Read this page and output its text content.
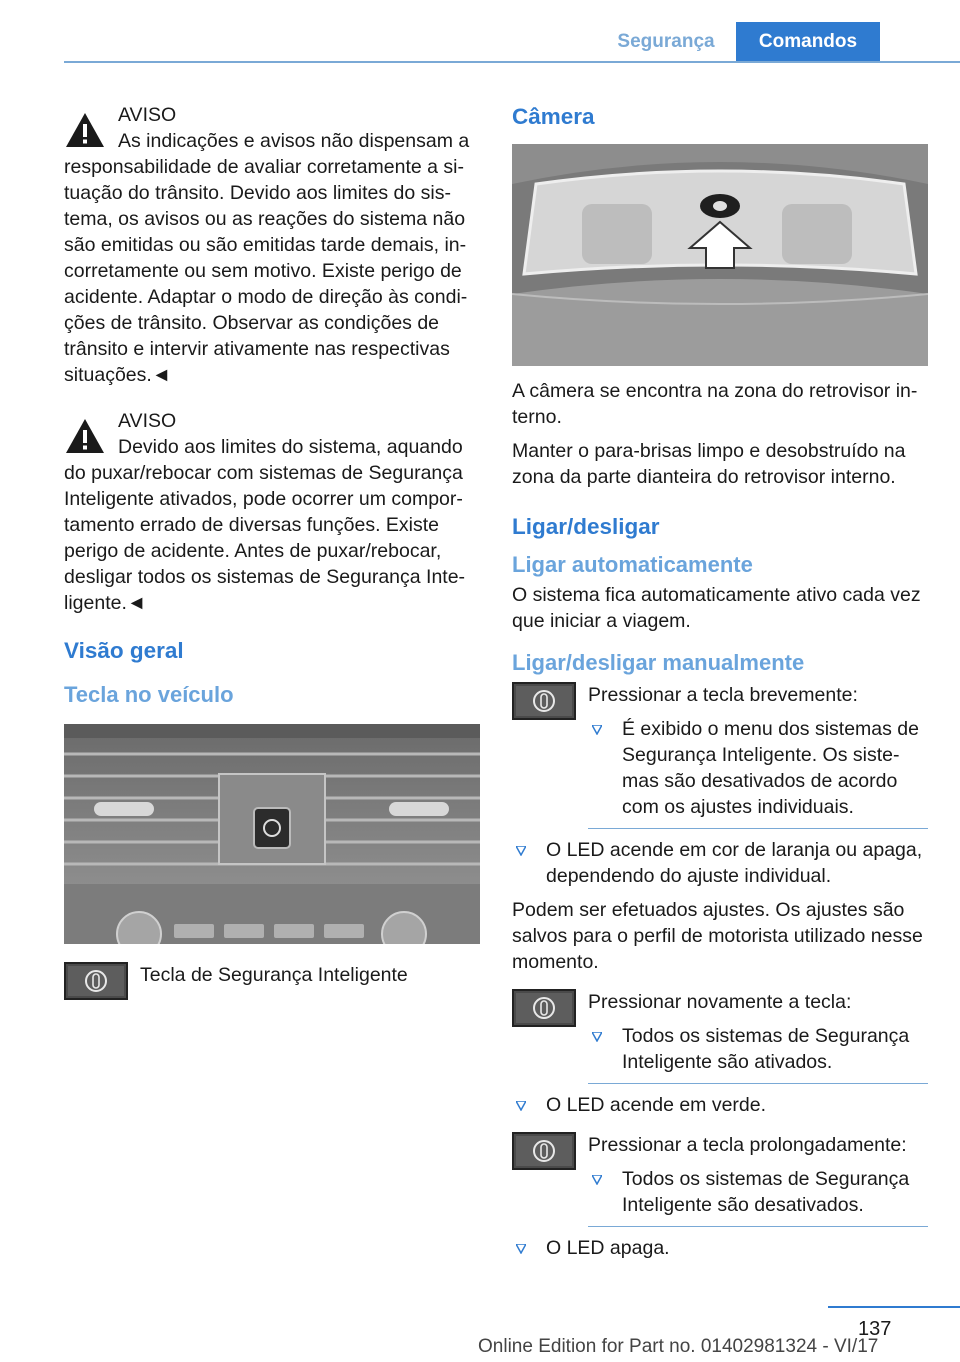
Segurança	Comandos
AVISO
As indicações e avisos não dispensam a responsabilidade de avaliar corretamente a si-tuação do trânsito. Devido aos limites do sis-tema, os avisos ou as reações do sistema não são emitidas ou são emitidas tarde demais, in-corretamente ou sem motivo. Existe perigo de acidente. Adaptar o modo de direção às condi-ções de trânsito. Observar as condições de trânsito e intervir ativamente nas respectivas situações.◄
AVISO
Devido aos limites do sistema, aquando do puxar/rebocar com sistemas de Segurança Inteligente ativados, pode ocorrer um compor-tamento errado de diversas funções. Existe perigo de acidente. Antes de puxar/rebocar, desligar todos os sistemas de Segurança Inte-ligente.◄
Visão geral
Tecla no veículo
Tecla de Segurança Inteligente
Câmera

A câmera se encontra na zona do retrovisor in-terno.

Manter o para-brisas limpo e desobstruído na zona da parte dianteira do retrovisor interno.

Ligar/desligar
Ligar automaticamente

O sistema fica automaticamente ativo cada vez que iniciar a viagem.

Ligar/desligar manualmente
Pressionar a tecla brevemente:
É exibido o menu dos sistemas de Segurança Inteligente. Os siste-mas são desativados de acordo com os ajustes individuais.
O LED acende em cor de laranja ou apaga, dependendo do ajuste individual.

Podem ser efetuados ajustes. Os ajustes são salvos para o perfil de motorista utilizado nesse momento.

Pressionar novamente a tecla:
Todos os sistemas de Segurança Inteligente são ativados.
O LED acende em verde.
Pressionar a tecla prolongadamente:
Todos os sistemas de Segurança Inteligente são desativados.
O LED apaga.
137
Online Edition for Part no. 01402981324 - VI/17
